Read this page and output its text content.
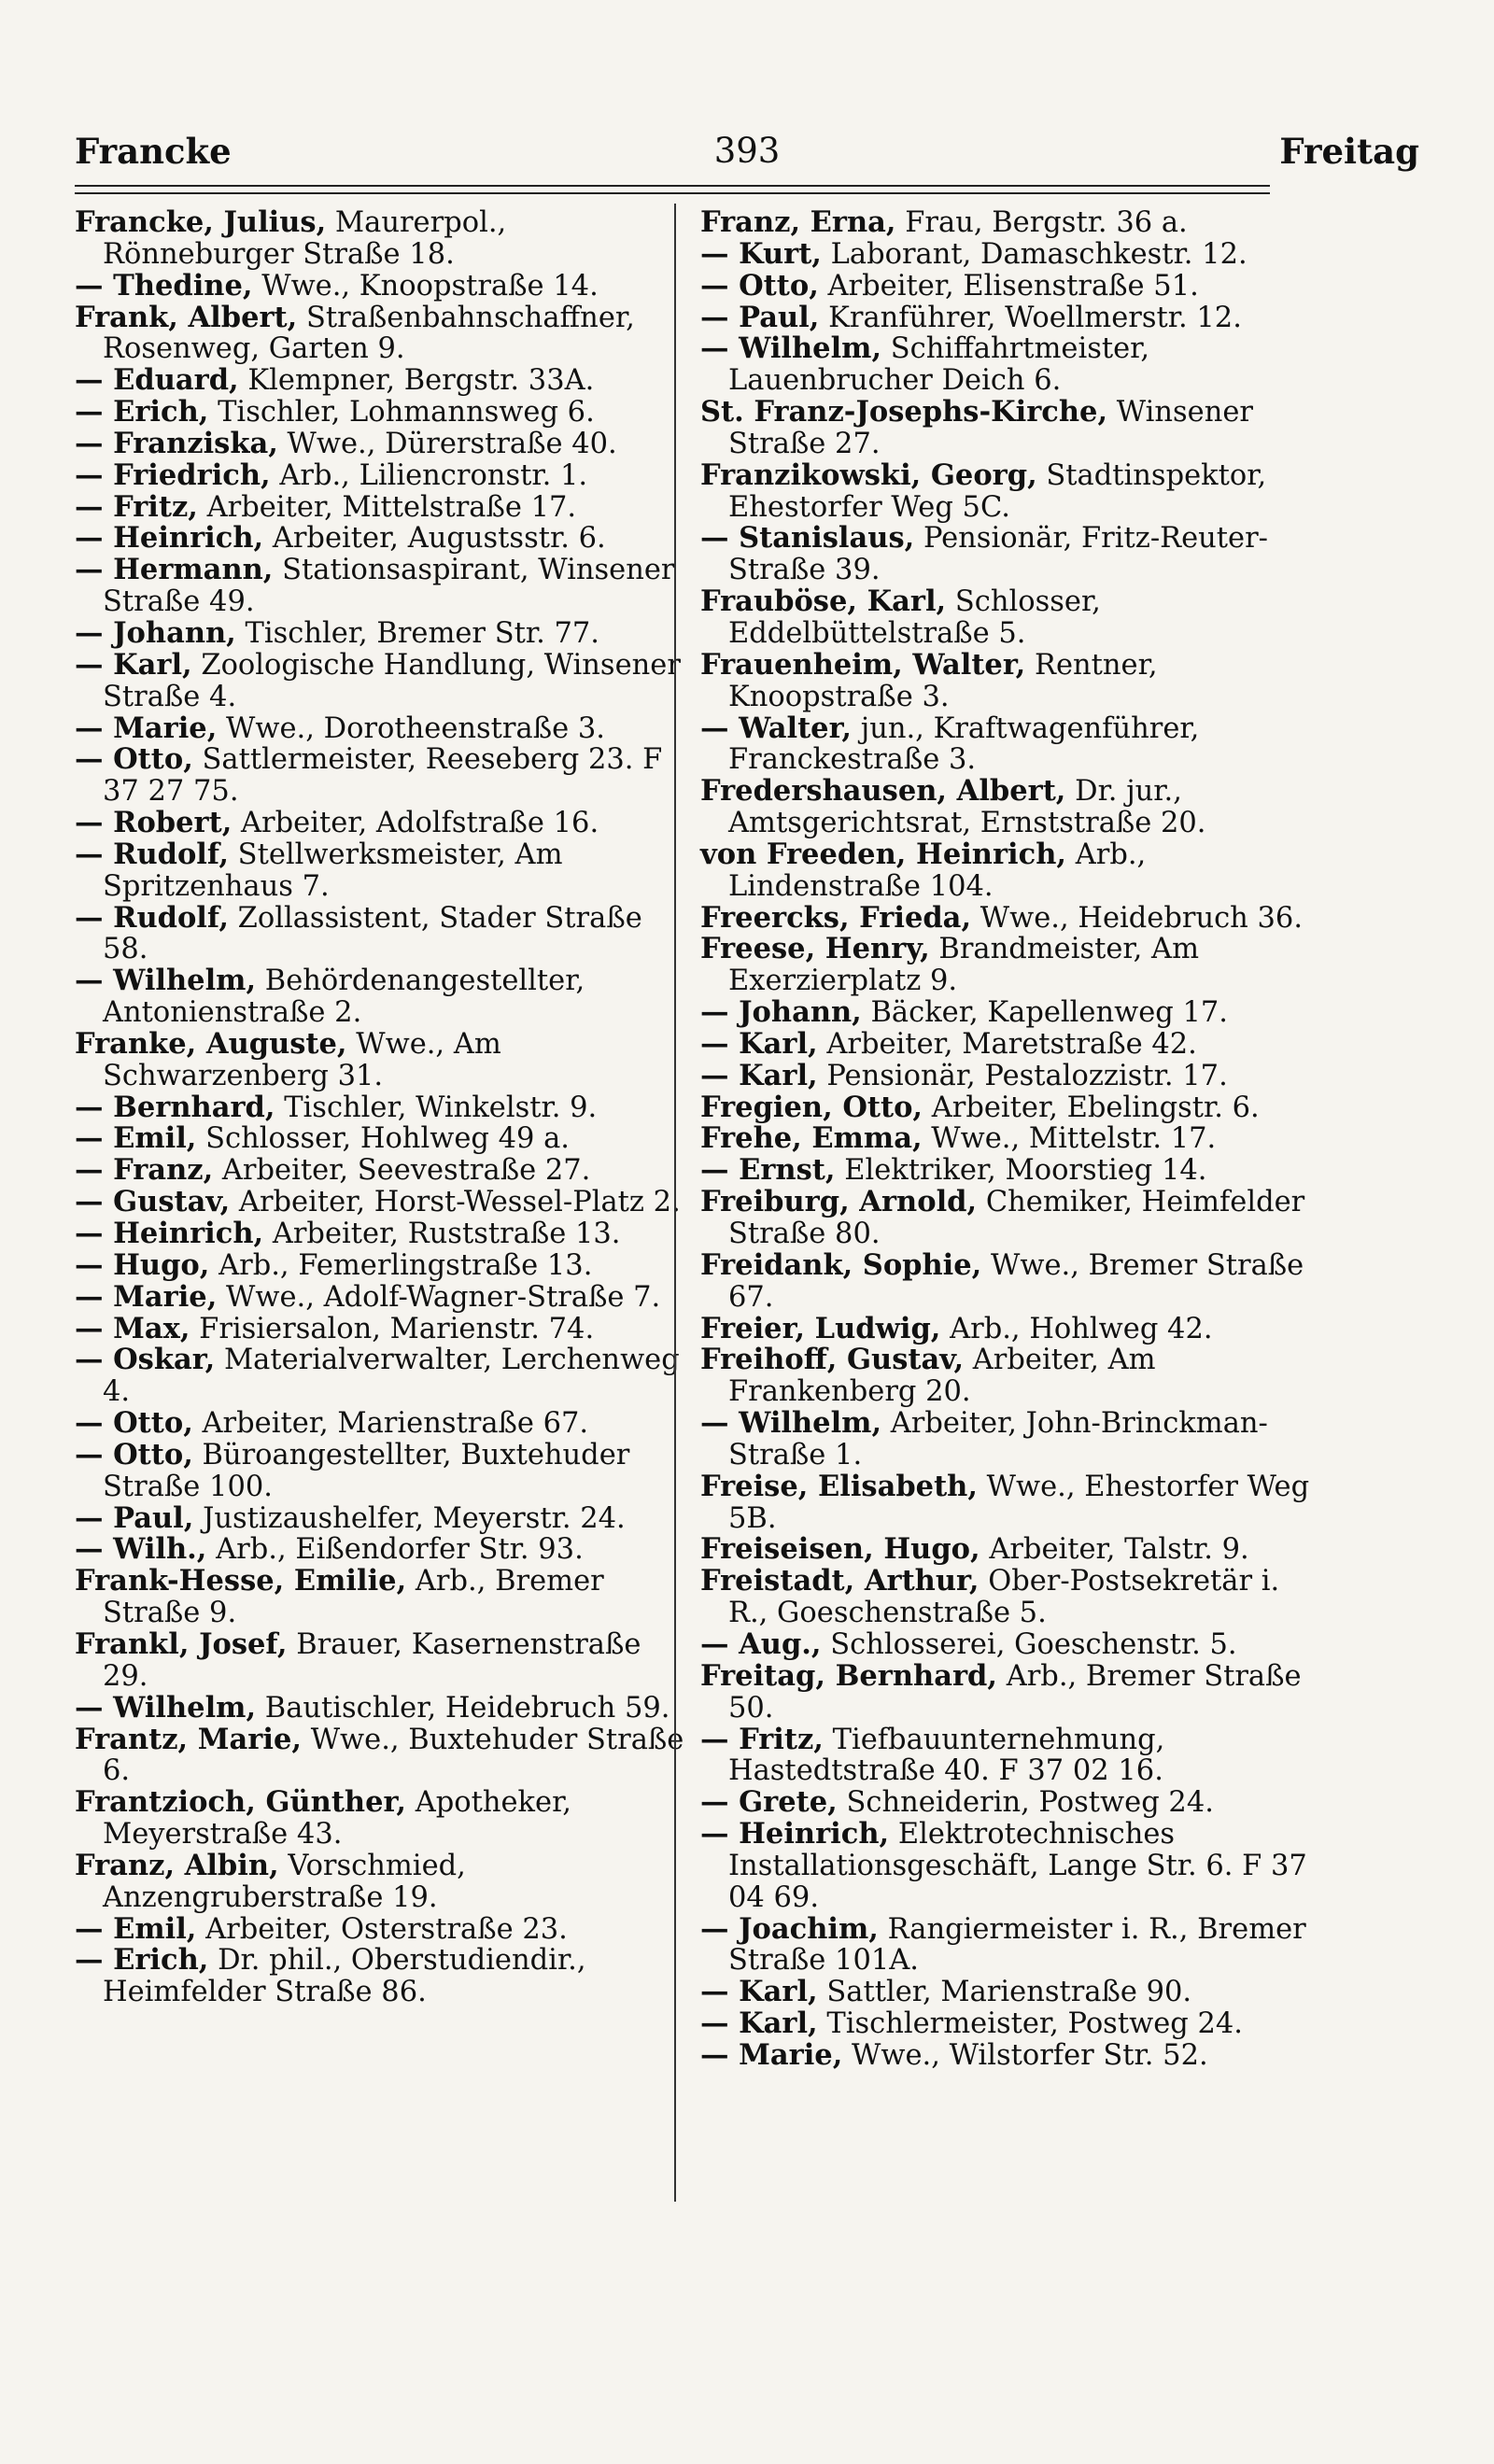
Francke	393	Freitag

Francke, Julius, Maurerpol., Rönneburger Straße 18.

— Thedine, Wwe., Knoopstraße 14.

Frank, Albert, Straßenbahnschaffner, Rosenweg, Garten 9.

— Eduard, Klempner, Bergstr. 33A.

— Erich, Tischler, Lohmannsweg 6.

— Franziska, Wwe., Dürerstraße 40.

— Friedrich, Arb., Liliencronstr. 1.

— Fritz, Arbeiter, Mittelstraße 17.

— Heinrich, Arbeiter, Augustsstr. 6.

— Hermann, Stationsaspirant, Winsener Straße 49.

— Johann, Tischler, Bremer Str. 77.

— Karl, Zoologische Handlung, Winsener Straße 4.

— Marie, Wwe., Dorotheenstraße 3.

— Otto, Sattlermeister, Reeseberg 23. F 37 27 75.

— Robert, Arbeiter, Adolfstraße 16.

— Rudolf, Stellwerksmeister, Am Spritzenhaus 7.

— Rudolf, Zollassistent, Stader Straße 58.

— Wilhelm, Behördenangestellter, Antonienstraße 2.

Franke, Auguste, Wwe., Am Schwarzenberg 31.

— Bernhard, Tischler, Winkelstr. 9.

— Emil, Schlosser, Hohlweg 49 a.

— Franz, Arbeiter, Seevestraße 27.

— Gustav, Arbeiter, Horst-Wessel-Platz 2.

— Heinrich, Arbeiter, Ruststraße 13.

— Hugo, Arb., Femerlingstraße 13.

— Marie, Wwe., Adolf-Wagner-Straße 7.

— Max, Frisiersalon, Marienstr. 74.

— Oskar, Materialverwalter, Lerchenweg 4.

— Otto, Arbeiter, Marienstraße 67.

— Otto, Büroangestellter, Buxtehuder Straße 100.

— Paul, Justizaushelfer, Meyerstr. 24.

— Wilh., Arb., Eißendorfer Str. 93.

Frank-Hesse, Emilie, Arb., Bremer Straße 9.

Frankl, Josef, Brauer, Kasernenstraße 29.

— Wilhelm, Bautischler, Heidebruch 59.

Frantz, Marie, Wwe., Buxtehuder Straße 6.

Frantzioch, Günther, Apotheker, Meyerstraße 43.

Franz, Albin, Vorschmied, Anzengruberstraße 19.

— Emil, Arbeiter, Osterstraße 23.

— Erich, Dr. phil., Oberstudiendir., Heimfelder Straße 86.

Franz, Erna, Frau, Bergstr. 36 a.

— Kurt, Laborant, Damaschkestr. 12.

— Otto, Arbeiter, Elisenstraße 51.

— Paul, Kranführer, Woellmerstr. 12.

— Wilhelm, Schiffahrtmeister, Lauenbrucher Deich 6.

St. Franz-Josephs-Kirche, Winsener Straße 27.

Franzikowski, Georg, Stadtinspektor, Ehestorfer Weg 5C.

— Stanislaus, Pensionär, Fritz-Reuter-Straße 39.

Frauböse, Karl, Schlosser, Eddelbüttelstraße 5.

Frauenheim, Walter, Rentner, Knoopstraße 3.

— Walter, jun., Kraftwagenführer, Franckestraße 3.

Fredershausen, Albert, Dr. jur., Amtsgerichtsrat, Ernststraße 20.

von Freeden, Heinrich, Arb., Lindenstraße 104.

Freercks, Frieda, Wwe., Heidebruch 36.

Freese, Henry, Brandmeister, Am Exerzierplatz 9.

— Johann, Bäcker, Kapellenweg 17.

— Karl, Arbeiter, Maretstraße 42.

— Karl, Pensionär, Pestalozzistr. 17.

Fregien, Otto, Arbeiter, Ebelingstr. 6.

Frehe, Emma, Wwe., Mittelstr. 17.

— Ernst, Elektriker, Moorstieg 14.

Freiburg, Arnold, Chemiker, Heimfelder Straße 80.

Freidank, Sophie, Wwe., Bremer Straße 67.

Freier, Ludwig, Arb., Hohlweg 42.

Freihoff, Gustav, Arbeiter, Am Frankenberg 20.

— Wilhelm, Arbeiter, John-Brinckman-Straße 1.

Freise, Elisabeth, Wwe., Ehestorfer Weg 5B.

Freiseisen, Hugo, Arbeiter, Talstr. 9.

Freistadt, Arthur, Ober-Postsekretär i. R., Goeschenstraße 5.

— Aug., Schlosserei, Goeschenstr. 5.

Freitag, Bernhard, Arb., Bremer Straße 50.

— Fritz, Tiefbauunternehmung, Hastedtstraße 40. F 37 02 16.

— Grete, Schneiderin, Postweg 24.

— Heinrich, Elektrotechnisches Installationsgeschäft, Lange Str. 6. F 37 04 69.

— Joachim, Rangiermeister i. R., Bremer Straße 101A.

— Karl, Sattler, Marienstraße 90.

— Karl, Tischlermeister, Postweg 24.

— Marie, Wwe., Wilstorfer Str. 52.
